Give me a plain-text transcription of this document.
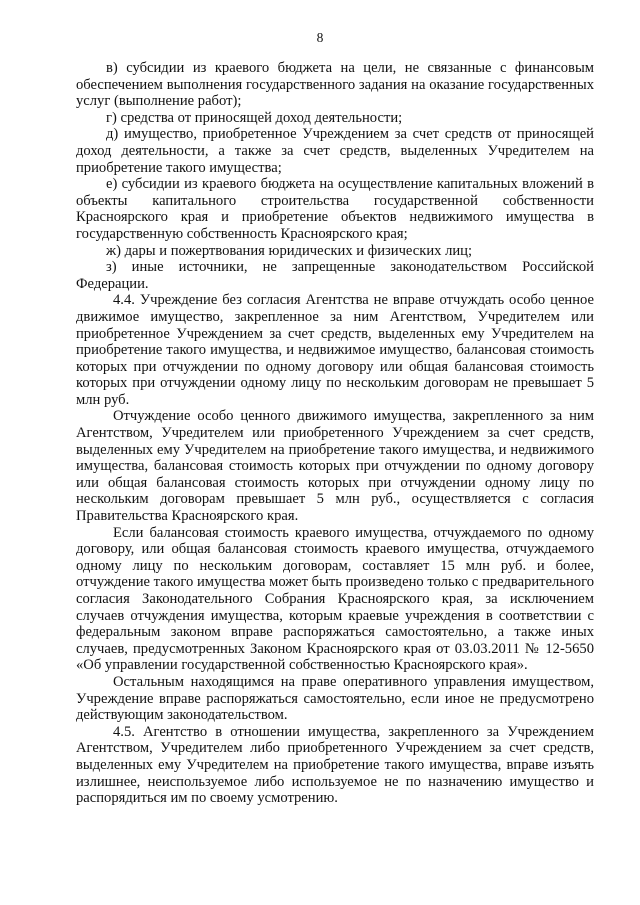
8

в) субсидии из краевого бюджета на цели, не связанные с финансовым обеспечением выполнения государственного задания на оказание государственных услуг (выполнение работ);

г) средства от приносящей доход деятельности;

д) имущество, приобретенное Учреждением за счет средств от приносящей доход деятельности, а также за счет средств, выделенных Учредителем на приобретение такого имущества;

е) субсидии из краевого бюджета на осуществление капитальных вложений в объекты капитального строительства государственной собственности Красноярского края и приобретение объектов недвижимого имущества в государственную собственность Красноярского края;

ж) дары и пожертвования юридических и физических лиц;

з) иные источники, не запрещенные законодательством Российской Федерации.

4.4. Учреждение без согласия Агентства не вправе отчуждать особо ценное движимое имущество, закрепленное за ним Агентством, Учредителем или приобретенное Учреждением за счет средств, выделенных ему Учредителем на приобретение такого имущества, и недвижимое имущество, балансовая стоимость которых при отчуждении по одному договору или общая балансовая стоимость которых при отчуждении одному лицу по нескольким договорам не превышает 5 млн руб.

Отчуждение особо ценного движимого имущества, закрепленного за ним Агентством, Учредителем или приобретенного Учреждением за счет средств, выделенных ему Учредителем на приобретение такого имущества, и недвижимого имущества, балансовая стоимость которых при отчуждении по одному договору или общая балансовая стоимость которых при отчуждении одному лицу по нескольким договорам превышает 5 млн руб., осуществляется с согласия Правительства Красноярского края.

Если балансовая стоимость краевого имущества, отчуждаемого по одному договору, или общая балансовая стоимость краевого имущества, отчуждаемого одному лицу по нескольким договорам, составляет 15 млн руб. и более, отчуждение такого имущества может быть произведено только с предварительного согласия Законодательного Собрания Красноярского края, за исключением случаев отчуждения имущества, которым краевые учреждения в соответствии с федеральным законом вправе распоряжаться самостоятельно, а также иных случаев, предусмотренных Законом Красноярского края от 03.03.2011 № 12-5650 «Об управлении государственной собственностью Красноярского края».

Остальным находящимся на праве оперативного управления имуществом, Учреждение вправе распоряжаться самостоятельно, если иное не предусмотрено действующим законодательством.

4.5. Агентство в отношении имущества, закрепленного за Учреждением Агентством, Учредителем либо приобретенного Учреждением за счет средств, выделенных ему Учредителем на приобретение такого имущества, вправе изъять излишнее, неиспользуемое либо используемое не по назначению имущество и распорядиться им по своему усмотрению.
